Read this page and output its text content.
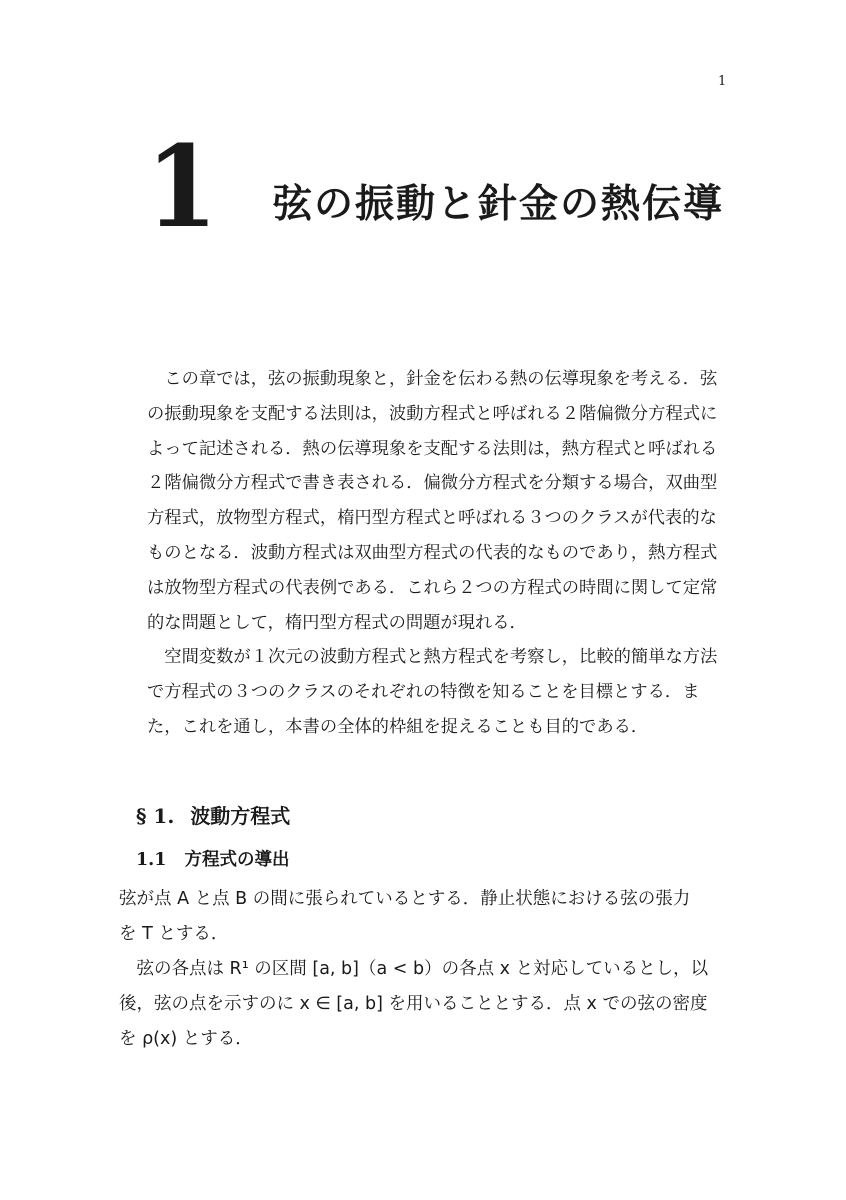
1
1 弦の振動と針金の熱伝導

この章では，弦の振動現象と，針金を伝わる熱の伝導現象を考える．弦
の振動現象を支配する法則は，波動方程式と呼ばれる２階偏微分方程式に
よって記述される．熱の伝導現象を支配する法則は，熱方程式と呼ばれる
２階偏微分方程式で書き表される．偏微分方程式を分類する場合，双曲型
方程式，放物型方程式，楕円型方程式と呼ばれる３つのクラスが代表的な
ものとなる．波動方程式は双曲型方程式の代表的なものであり，熱方程式
は放物型方程式の代表例である．これら２つの方程式の時間に関して定常
的な問題として，楕円型方程式の問題が現れる．

空間変数が１次元の波動方程式と熱方程式を考察し，比較的簡単な方法
で方程式の３つのクラスのそれぞれの特徴を知ることを目標とする．ま
た，これを通し，本書の全体的枠組を捉えることも目的である．

§ 1. 波動方程式
1.1 方程式の導出

弦が点 A と点 B の間に張られているとする．静止状態における弦の張力
を T とする．

弦の各点は R¹ の区間 [a, b]（a < b）の各点 x と対応しているとし，以
後，弦の点を示すのに x ∈ [a, b] を用いることとする．点 x での弦の密度
を ρ(x) とする．
